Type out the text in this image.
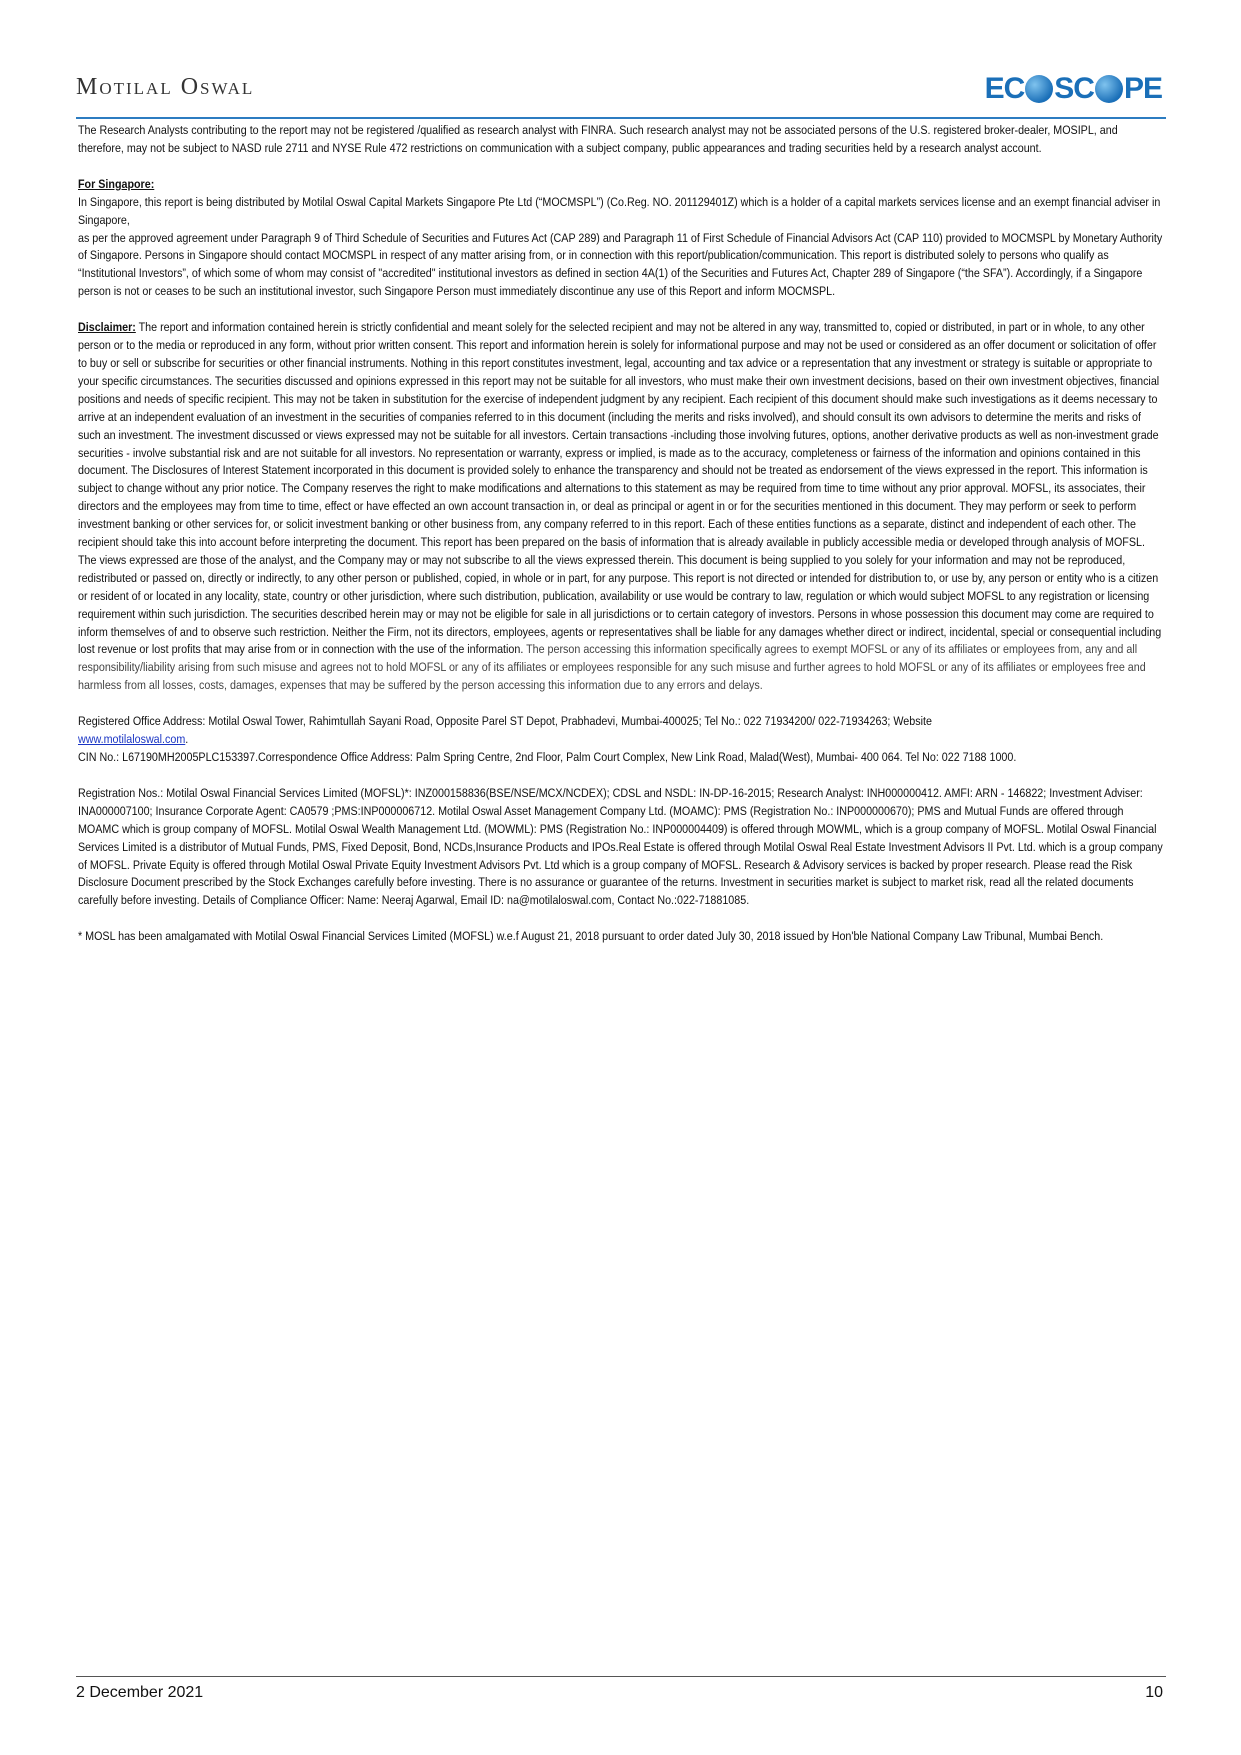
Motilal Oswal	EC SC PE

The Research Analysts contributing to the report may not be registered /qualified as research analyst with FINRA. Such research analyst may not be associated persons of the U.S. registered broker-dealer, MOSIPL, and therefore, may not be subject to NASD rule 2711 and NYSE Rule 472 restrictions on communication with a subject company, public appearances and trading securities held by a research analyst account.

For Singapore:
In Singapore, this report is being distributed by Motilal Oswal Capital Markets Singapore Pte Ltd (“MOCMSPL”) (Co.Reg. NO. 201129401Z) which is a holder of a capital markets services license and an exempt financial adviser in Singapore,
as per the approved agreement under Paragraph 9 of Third Schedule of Securities and Futures Act (CAP 289) and Paragraph 11 of First Schedule of Financial Advisors Act (CAP 110) provided to MOCMSPL by Monetary Authority of Singapore. Persons in Singapore should contact MOCMSPL in respect of any matter arising from, or in connection with this report/publication/communication. This report is distributed solely to persons who qualify as “Institutional Investors”, of which some of whom may consist of "accredited" institutional investors as defined in section 4A(1) of the Securities and Futures Act, Chapter 289 of Singapore (“the SFA”). Accordingly, if a Singapore person is not or ceases to be such an institutional investor, such Singapore Person must immediately discontinue any use of this Report and inform MOCMSPL.

Disclaimer: The report and information contained herein is strictly confidential and meant solely for the selected recipient and may not be altered in any way, transmitted to, copied or distributed, in part or in whole, to any other person or to the media or reproduced in any form, without prior written consent. This report and information herein is solely for informational purpose and may not be used or considered as an offer document or solicitation of offer to buy or sell or subscribe for securities or other financial instruments. Nothing in this report constitutes investment, legal, accounting and tax advice or a representation that any investment or strategy is suitable or appropriate to your specific circumstances. The securities discussed and opinions expressed in this report may not be suitable for all investors, who must make their own investment decisions, based on their own investment objectives, financial positions and needs of specific recipient. This may not be taken in substitution for the exercise of independent judgment by any recipient. Each recipient of this document should make such investigations as it deems necessary to arrive at an independent evaluation of an investment in the securities of companies referred to in this document (including the merits and risks involved), and should consult its own advisors to determine the merits and risks of such an investment. The investment discussed or views expressed may not be suitable for all investors. Certain transactions -including those involving futures, options, another derivative products as well as non-investment grade securities - involve substantial risk and are not suitable for all investors. No representation or warranty, express or implied, is made as to the accuracy, completeness or fairness of the information and opinions contained in this document. The Disclosures of Interest Statement incorporated in this document is provided solely to enhance the transparency and should not be treated as endorsement of the views expressed in the report. This information is subject to change without any prior notice. The Company reserves the right to make modifications and alternations to this statement as may be required from time to time without any prior approval. MOFSL, its associates, their directors and the employees may from time to time, effect or have effected an own account transaction in, or deal as principal or agent in or for the securities mentioned in this document. They may perform or seek to perform investment banking or other services for, or solicit investment banking or other business from, any company referred to in this report. Each of these entities functions as a separate, distinct and independent of each other. The recipient should take this into account before interpreting the document. This report has been prepared on the basis of information that is already available in publicly accessible media or developed through analysis of MOFSL. The views expressed are those of the analyst, and the Company may or may not subscribe to all the views expressed therein. This document is being supplied to you solely for your information and may not be reproduced, redistributed or passed on, directly or indirectly, to any other person or published, copied, in whole or in part, for any purpose. This report is not directed or intended for distribution to, or use by, any person or entity who is a citizen or resident of or located in any locality, state, country or other jurisdiction, where such distribution, publication, availability or use would be contrary to law, regulation or which would subject MOFSL to any registration or licensing requirement within such jurisdiction. The securities described herein may or may not be eligible for sale in all jurisdictions or to certain category of investors. Persons in whose possession this document may come are required to inform themselves of and to observe such restriction. Neither the Firm, not its directors, employees, agents or representatives shall be liable for any damages whether direct or indirect, incidental, special or consequential including lost revenue or lost profits that may arise from or in connection with the use of the information. The person accessing this information specifically agrees to exempt MOFSL or any of its affiliates or employees from, any and all responsibility/liability arising from such misuse and agrees not to hold MOFSL or any of its affiliates or employees responsible for any such misuse and further agrees to hold MOFSL or any of its affiliates or employees free and harmless from all losses, costs, damages, expenses that may be suffered by the person accessing this information due to any errors and delays.

Registered Office Address: Motilal Oswal Tower, Rahimtullah Sayani Road, Opposite Parel ST Depot, Prabhadevi, Mumbai-400025; Tel No.: 022 71934200/ 022-71934263; Website
www.motilaloswal.com.
CIN No.: L67190MH2005PLC153397.Correspondence Office Address: Palm Spring Centre, 2nd Floor, Palm Court Complex, New Link Road, Malad(West), Mumbai- 400 064. Tel No: 022 7188 1000.

Registration Nos.: Motilal Oswal Financial Services Limited (MOFSL)*: INZ000158836(BSE/NSE/MCX/NCDEX); CDSL and NSDL: IN-DP-16-2015; Research Analyst: INH000000412. AMFI: ARN - 146822; Investment Adviser: INA000007100; Insurance Corporate Agent: CA0579 ;PMS:INP000006712. Motilal Oswal Asset Management Company Ltd. (MOAMC): PMS (Registration No.: INP000000670); PMS and Mutual Funds are offered through MOAMC which is group company of MOFSL. Motilal Oswal Wealth Management Ltd. (MOWML): PMS (Registration No.: INP000004409) is offered through MOWML, which is a group company of MOFSL. Motilal Oswal Financial Services Limited is a distributor of Mutual Funds, PMS, Fixed Deposit, Bond, NCDs,Insurance Products and IPOs.Real Estate is offered through Motilal Oswal Real Estate Investment Advisors II Pvt. Ltd. which is a group company of MOFSL. Private Equity is offered through Motilal Oswal Private Equity Investment Advisors Pvt. Ltd which is a group company of MOFSL. Research & Advisory services is backed by proper research. Please read the Risk Disclosure Document prescribed by the Stock Exchanges carefully before investing. There is no assurance or guarantee of the returns. Investment in securities market is subject to market risk, read all the related documents carefully before investing. Details of Compliance Officer: Name: Neeraj Agarwal, Email ID: na@motilaloswal.com, Contact No.:022-71881085.

* MOSL has been amalgamated with Motilal Oswal Financial Services Limited (MOFSL) w.e.f August 21, 2018 pursuant to order dated July 30, 2018 issued by Hon'ble National Company Law Tribunal, Mumbai Bench.

2 December 2021	10
